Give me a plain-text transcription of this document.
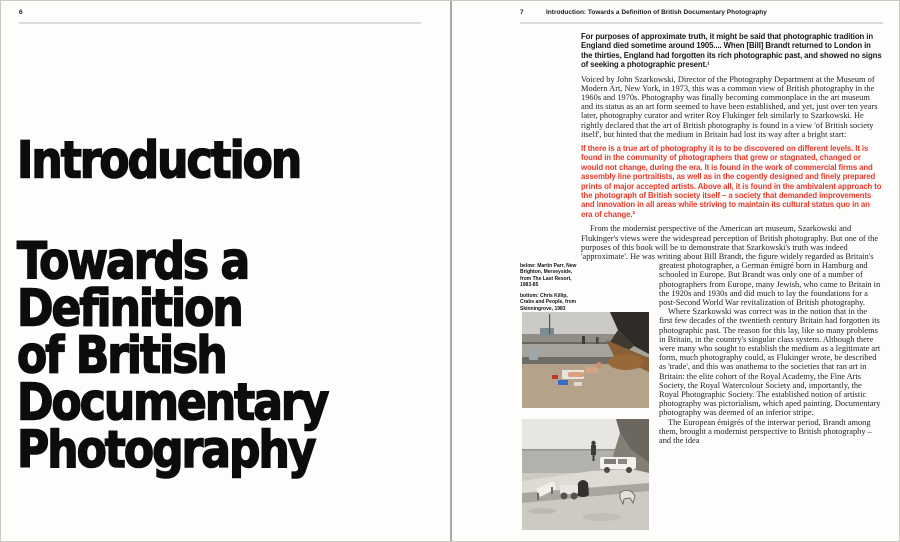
6
Introduction
Towards a
Definition
of British
Documentary
Photography
7	Introduction: Towards a Definition of British Documentary Photography
For purposes of approximate truth, it might be said that photographic tradition in England died sometime around 1905.... When [Bill] Brandt returned to London in the thirties, England had forgotten its rich photographic past, and showed no signs of seeking a photographic present.¹
Voiced by John Szarkowski, Director of the Photography Department at the Museum of Modern Art, New York, in 1973, this was a common view of British photography in the 1960s and 1970s. Photography was finally becoming commonplace in the art museum and its status as an art form seemed to have been established, and yet, just over ten years later, photography curator and writer Roy Flukinger felt similarly to Szarkowski. He rightly declared that the art of British photography is found in a view 'of British society itself', but hinted that the medium in Britain had lost its way after a bright start:
If there is a true art of photography it is to be discovered on different levels. It is found in the community of photographers that grew or stagnated, changed or would not change, during the era. It is found in the work of commercial firms and assembly line portraitists, as well as in the cogently designed and finely prepared prints of major accepted artists. Above all, it is found in the ambivalent approach to the photograph of British society itself – a society that demanded improvements and innovation in all areas while striving to maintain its cultural status quo in an era of change.²
From the modernist perspective of the American art museum, Szarkowski and Flukinger's views were the widespread perception of British photography. But one of the purposes of this book will be to demonstrate that Szarkowski's truth was indeed 'approximate'. He was writing about Bill Brandt, the figure widely regarded as Britain's
greatest photographer, a German émigré born in Hamburg and schooled in Europe. But Brandt was only one of a number of photographers from Europe, many Jewish, who came to Britain in the 1920s and 1930s and did much to lay the foundations for a post-Second World War revitalization of British photography.
Where Szarkowski was correct was in the notion that in the first few decades of the twentieth century Britain had forgotten its photographic past. The reason for this lay, like so many problems in Britain, in the country's singular class system. Although there were many who sought to establish the medium as a legitimate art form, much photography could, as Flukinger wrote, be described as 'trade', and this was anathema to the societies that ran art in Britain: the elite cohort of the Royal Academy, the Fine Arts Society, the Royal Watercolour Society and, importantly, the Royal Photographic Society. The established notion of artistic photography was pictorialism, which aped painting. Documentary photography was deemed of an inferior stripe.
The European émigrés of the interwar period, Brandt among them, brought a modernist perspective to British photography – and the idea
below: Martin Parr, New Brighton, Merseyside, from The Last Resort, 1983-85
bottom: Chris Killip, Crabs and People, from Skinningrove, 1983
